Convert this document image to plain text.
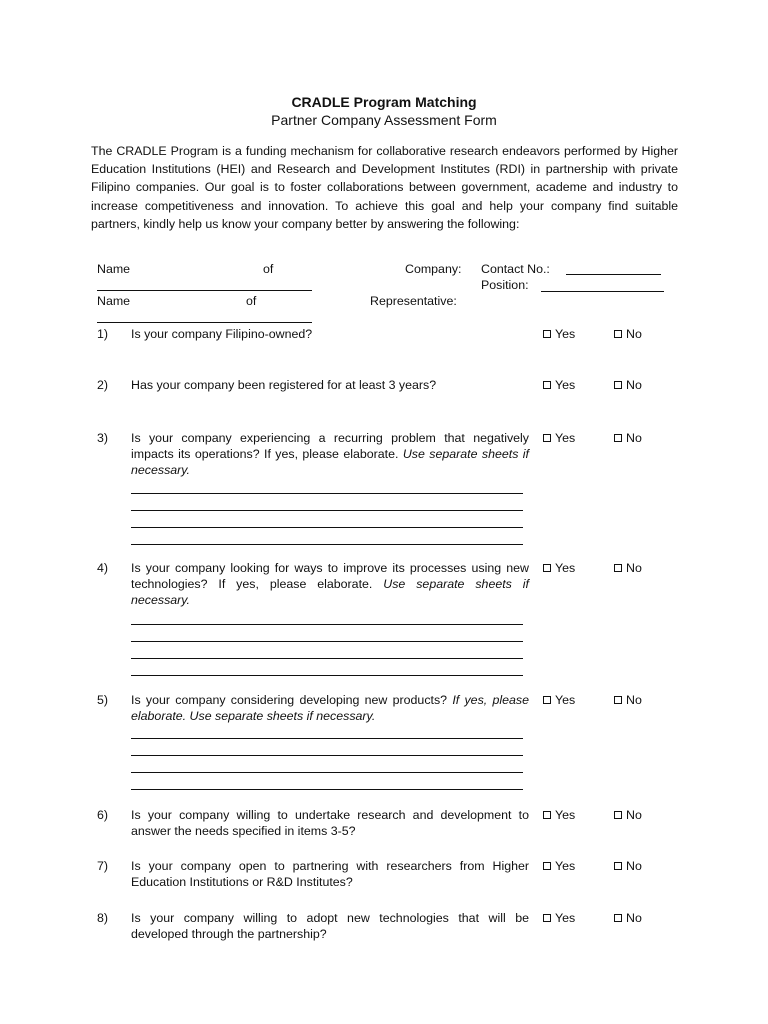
CRADLE Program Matching
Partner Company Assessment Form
The CRADLE Program is a funding mechanism for collaborative research endeavors performed by Higher Education Institutions (HEI) and Research and Development Institutes (RDI) in partnership with private Filipino companies. Our goal is to foster collaborations between government, academe and industry to increase competitiveness and innovation. To achieve this goal and help your company find suitable partners, kindly help us know your company better by answering the following:
Name	of	Company: Contact No.:
Position:
Name	of	Representative:
1) Is your company Filipino-owned?	Yes	No
2) Has your company been registered for at least 3 years?	Yes	No
3) Is your company experiencing a recurring problem that negatively impacts its operations? If yes, please elaborate. Use separate sheets if necessary.
Yes	No
4) Is your company looking for ways to improve its processes using new technologies? If yes, please elaborate. Use separate sheets if necessary.
Yes	No
5) Is your company considering developing new products? If yes, please elaborate. Use separate sheets if necessary.
Yes	No
6) Is your company willing to undertake research and development to answer the needs specified in items 3-5?
Yes	No
7) Is your company open to partnering with researchers from Higher Education Institutions or R&D Institutes?
Yes	No
8) Is your company willing to adopt new technologies that will be developed through the partnership?
Yes	No
